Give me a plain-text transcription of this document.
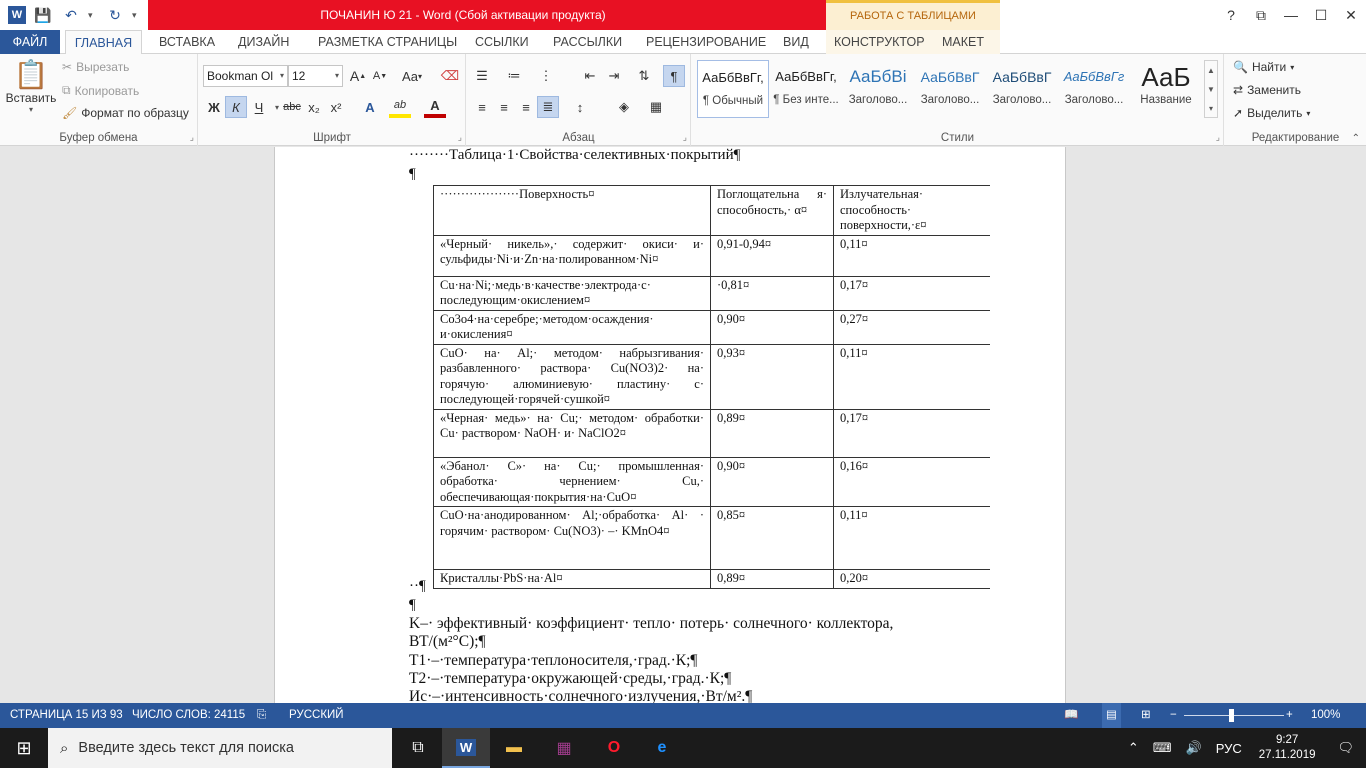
W 💾 ↶	▾	↻	▾	ПОЧАНИН Ю 21 - Word (Сбой активации продукта)	РАБОТА С ТАБЛИЦАМИ	?	⧉	—	☐	✕
ФАЙЛ	ГЛАВНАЯ	ВСТАВКА	ДИЗАЙН	РАЗМЕТКА СТРАНИЦЫ	ССЫЛКИ	РАССЫЛКИ	РЕЦЕНЗИРОВАНИЕ	ВИД	КОНСТРУКТОР	МАКЕТ
📋
Вставить
▾
✂ Вырезать
⧉ Копировать
🖌 Формат по образцу
Буфер обмена	⌟
Bookman Ol ▾ 12	▾ A ▲ A ▼ Aa ▾ ⌫
Ж К	Ч	▾ abc x₂ x²	A	ab	A
Шрифт	⌟
☰	≔	⋮	⇤	⇥	⇅	¶
≡	≡	≡ ≣	↕	◈	▦
Абзац	⌟
АаБбВвГг,
¶ Обычный
АаБбВвГг,
¶ Без инте...
АаБбВі
Заголово...
АаБбВвГ
Заголово...
АаБбВвГ
Заголово...
АаБбВвГг
Заголово...
АаБ
Название
▲
▼
▾
Стили	⌟
🔍 Найти ▾
⇄ Заменить
➚ Выделить ▾
Редактирование	⌃
········Таблица·1·Свойства·селективных·покрытий¶
¶
···················Поверхность¤	Поглощательна я· способность,· α¤	Излучательная· способность· поверхности,·ε¤
«Черный· никель»,· содержит· окиси· и· сульфиды·Ni·и·Zn·на·полированном·Ni¤	0,91-0,94¤	0,11¤
Cu·на·Ni;·медь·в·качестве·электрода·с· последующим·окислением¤	·0,81¤	0,17¤
Co3o4·на·серебре;·методом·осаждения· и·окисления¤	0,90¤	0,27¤
CuO· на· Al;· методом· набрызгивания· разбавленного· раствора· Cu(NO3)2· на· горячую· алюминиевую· пластину· с· последующей·горячей·сушкой¤	0,93¤	0,11¤
«Черная· медь»· на· Cu;· методом· обработки· Cu· раствором· NaOH· и· NaClO2¤	0,89¤	0,17¤
«Эбанол· С»· на· Cu;· промышленная· обработка· чернением· Cu,· обеспечивающая·покрытия·на·CuO¤	0,90¤	0,16¤
CuO·на·анодированном· Al;·обработка· Al· · горячим· раствором· Cu(NO3)· –· KMnO4¤	0,85¤	0,11¤
Кристаллы·PbS·на·Al¤	0,89¤	0,20¤
··¶
¶
K–· эффективный· коэффициент· тепло· потерь· солнечного· коллектора,
ВТ/(м²°С);¶
T1·–·температура·теплоносителя,·град.·К;¶
T2·–·температура·окружающей·среды,·град.·К;¶
Ис·–·интенсивность·солнечного·излучения,·Вт/м².¶
СТРАНИЦА 15 ИЗ 93 ЧИСЛО СЛОВ: 24115 ⎘ РУССКИЙ	📖	▤	⊞ −	+ 100%
⊞ ⌕ Введите здесь текст для поиска	⧉	W ▬ ▦ O e	⌃	⌨	🔊	РУС
9:27
27.11.2019	🗨
